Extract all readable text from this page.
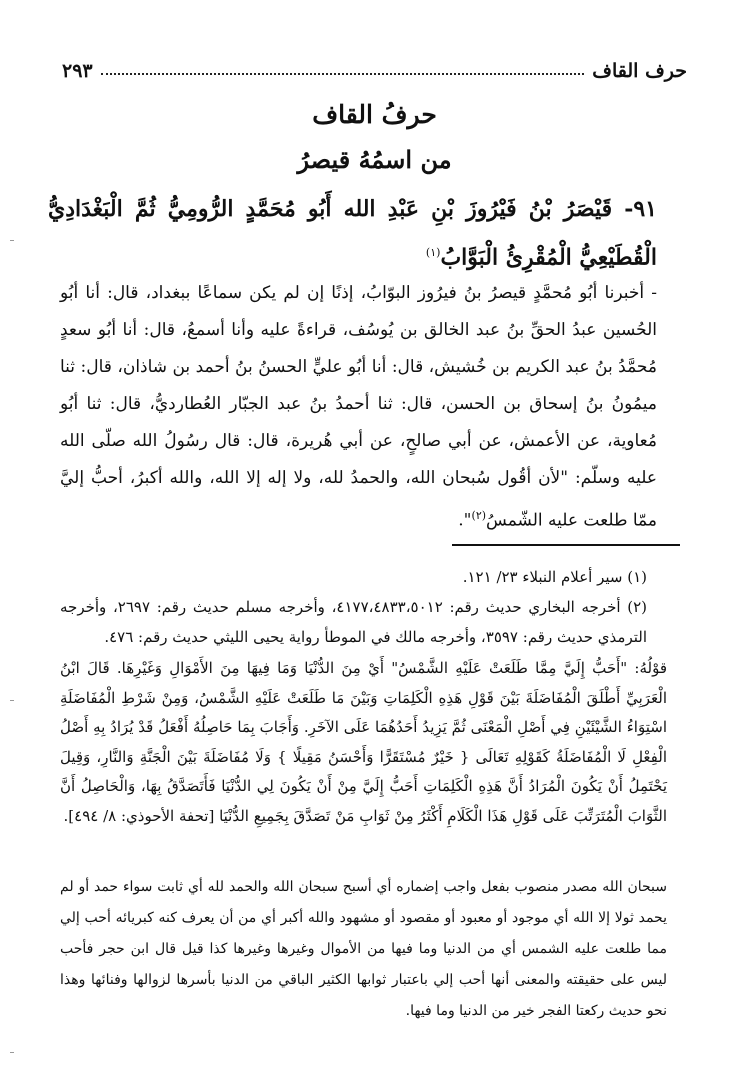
حرف القاف
٢٩٣
حرفُ القاف
من اسمُهُ قيصرُ
٩١- قَيْصَرُ بْنُ فَيْرُوزَ بْنِ عَبْدِ الله أَبُو مُحَمَّدٍ الرُّومِيُّ ثُمَّ الْبَغْدَادِيُّ الْقُطَيْعِيُّ الْمُقْرِئُ الْبَوَّابُ$^{(١)}$

- أخبرنا أبُو مُحمَّدٍ قيصرُ بنُ فيرُوز البوّابُ، إذنًا إن لم يكن سماعًا ببغداد، قال: أنا أبُو الحُسين عبدُ الحقِّ بنُ عبد الخالق بن يُوسُف، قراءةً عليه وأنا أسمعُ، قال: أنا أبُو سعدٍ مُحمَّدُ بنُ عبد الكريم بن خُشيش، قال: أنا أبُو عليٍّ الحسنُ بنُ أحمد بن شاذان، قال: ثنا ميمُونُ بنُ إسحاق بن الحسن، قال: ثنا أحمدُ بنُ عبد الجبّار العُطارديُّ، قال: ثنا أبُو مُعاوية، عن الأعمش، عن أبي صالحٍ، عن أبي هُريرة، قال: قال رسُولُ الله صلّى الله عليه وسلّم: "لأن أقُول سُبحان الله، والحمدُ لله، ولا إله إلا الله، والله أكبرُ، أحبُّ إليَّ ممّا طلعت عليه الشّمسُ$^{(٢)}$".

(١) سير أعلام النبلاء ٢٣/ ١٢١.

(٢) أخرجه البخاري حديث رقم: ٤١٧٧،٤٨٣٣،٥٠١٢، وأخرجه مسلم حديث رقم: ٢٦٩٧، وأخرجه الترمذي حديث رقم: ٣٥٩٧، وأخرجه مالك في الموطأ رواية يحيى الليثي حديث رقم: ٤٧٦.

قوْلُهُ: "أَحَبُّ إِلَيَّ مِمَّا طَلَعَتْ عَلَيْهِ الشَّمْسُ" أَيْ مِنَ الدُّنْيَا وَمَا فِيهَا مِنَ الأَمْوَالِ وَغَيْرِهَا. قَالَ ابْنُ الْعَرَبِيِّ أَطْلَقَ الْمُفَاضَلَةَ بَيْنَ قَوْلِ هَذِهِ الْكَلِمَاتِ وَبَيْنَ مَا طَلَعَتْ عَلَيْهِ الشَّمْسُ، وَمِنْ شَرْطِ الْمُفَاضَلَةِ اسْتِوَاءُ الشَّيْئَيْنِ فِي أَصْلِ الْمَعْنَى ثُمَّ يَزِيدُ أَحَدُهُمَا عَلَى الآخَرِ. وَأَجَابَ بِمَا حَاصِلُهُ أَفْعَلُ قَدْ يُرَادُ بِهِ أَصْلُ الْفِعْلِ لَا الْمُفَاضَلَةُ كَقَوْلِهِ تَعَالَى { خَيْرٌ مُسْتَقَرًّا وَأَحْسَنُ مَقِيلًا } وَلَا مُفَاضَلَةَ بَيْنَ الْجَنَّةِ وَالنَّارِ، وَقِيلَ يَحْتَمِلُ أَنْ يَكُونَ الْمُرَادُ أَنَّ هَذِهِ الْكَلِمَاتِ أَحَبُّ إِلَيَّ مِنْ أَنْ يَكُونَ لِي الدُّنْيَا فَأَتَصَدَّقُ بِهَا، وَالْحَاصِلُ أَنَّ الثَّوَابَ الْمُتَرَتِّبَ عَلَى قَوْلِ هَذَا الْكَلَامِ أَكْثَرُ مِنْ ثَوَابِ مَنْ تَصَدَّقَ بِجَمِيعِ الدُّنْيَا [تحفة الأحوذي: ٨/ ٤٩٤].

سبحان الله مصدر منصوب بفعل واجب إضماره أي أسبح سبحان الله والحمد لله أي ثابت سواء حمد أو لم يحمد ثولا إلا الله أي موجود أو معبود أو مقصود أو مشهود والله أكبر أي من أن يعرف كنه كبريائه أحب إلي مما طلعت عليه الشمس أي من الدنيا وما فيها من الأموال وغيرها وغيرها كذا قيل قال ابن حجر فأحب ليس على حقيقته والمعنى أنها أحب إلي باعتبار ثوابها الكثير الباقي من الدنيا بأسرها لزوالها وفنائها وهذا نحو حديث ركعتا الفجر خير من الدنيا وما فيها.
